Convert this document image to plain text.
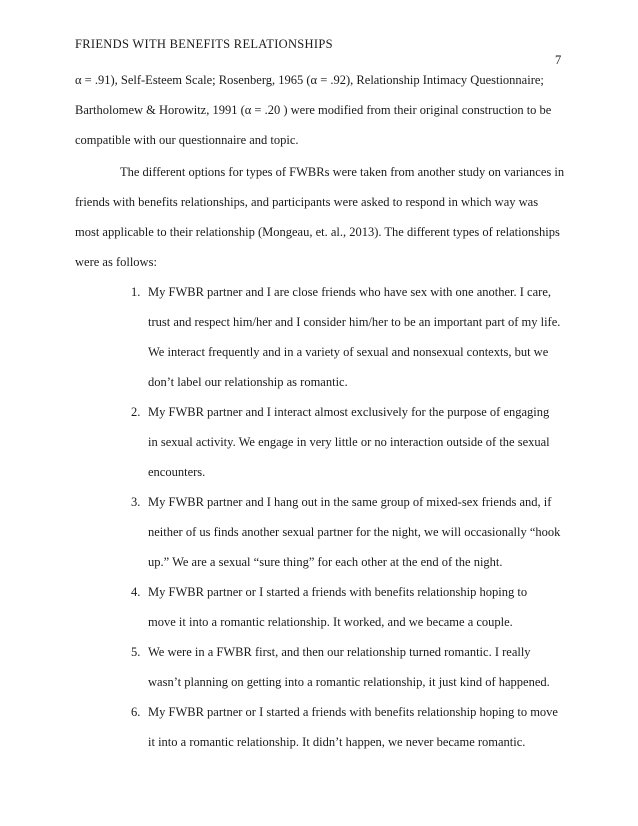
FRIENDS WITH BENEFITS RELATIONSHIPS
7
α = .91), Self-Esteem Scale; Rosenberg, 1965 (α = .92), Relationship Intimacy Questionnaire;
Bartholomew & Horowitz, 1991 (α = .20 ) were modified from their original construction to be
compatible with our questionnaire and topic.
The different options for types of FWBRs were taken from another study on variances in
friends with benefits relationships, and participants were asked to respond in which way was
most applicable to their relationship (Mongeau, et. al., 2013). The different types of relationships
were as follows:
1. My FWBR partner and I are close friends who have sex with one another. I care,
trust and respect him/her and I consider him/her to be an important part of my life.
We interact frequently and in a variety of sexual and nonsexual contexts, but we
don’t label our relationship as romantic.
2. My FWBR partner and I interact almost exclusively for the purpose of engaging
in sexual activity. We engage in very little or no interaction outside of the sexual
encounters.
3. My FWBR partner and I hang out in the same group of mixed-sex friends and, if
neither of us finds another sexual partner for the night, we will occasionally “hook
up.” We are a sexual “sure thing” for each other at the end of the night.
4. My FWBR partner or I started a friends with benefits relationship hoping to
move it into a romantic relationship. It worked, and we became a couple.
5. We were in a FWBR first, and then our relationship turned romantic. I really
wasn’t planning on getting into a romantic relationship, it just kind of happened.
6. My FWBR partner or I started a friends with benefits relationship hoping to move
it into a romantic relationship. It didn’t happen, we never became romantic.
